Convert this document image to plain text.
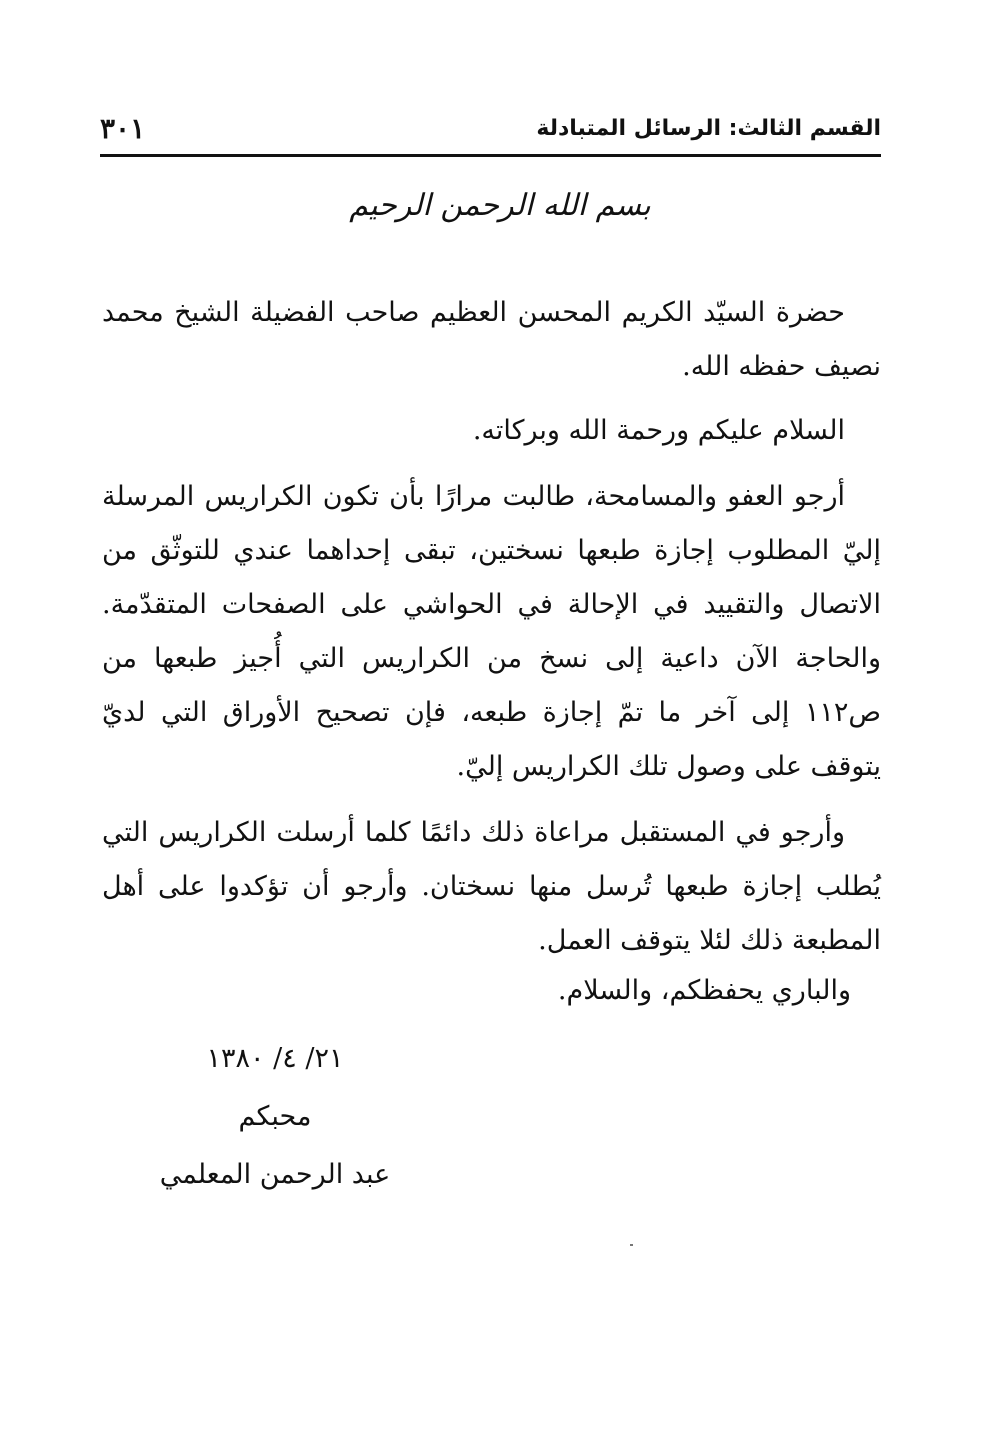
القسم الثالث: الرسائل المتبادلة
٣٠١
بسم الله الرحمن الرحيم

حضرة السيّد الكريم المحسن العظيم صاحب الفضيلة الشيخ محمد نصيف حفظه الله.

السلام عليكم ورحمة الله وبركاته.

أرجو العفو والمسامحة، طالبت مرارًا بأن تكون الكراريس المرسلة إليّ المطلوب إجازة طبعها نسختين، تبقى إحداهما عندي للتوثّق من الاتصال والتقييد في الإحالة في الحواشي على الصفحات المتقدّمة. والحاجة الآن داعية إلى نسخ من الكراريس التي أُجيز طبعها من ص١١٢ إلى آخر ما تمّ إجازة طبعه، فإن تصحيح الأوراق التي لديّ يتوقف على وصول تلك الكراريس إليّ.

وأرجو في المستقبل مراعاة ذلك دائمًا كلما أرسلت الكراريس التي يُطلب إجازة طبعها تُرسل منها نسختان. وأرجو أن تؤكدوا على أهل المطبعة ذلك لئلا يتوقف العمل.

والباري يحفظكم، والسلام.
٢١/ ٤/ ١٣٨٠
محبكم
عبد الرحمن المعلمي
